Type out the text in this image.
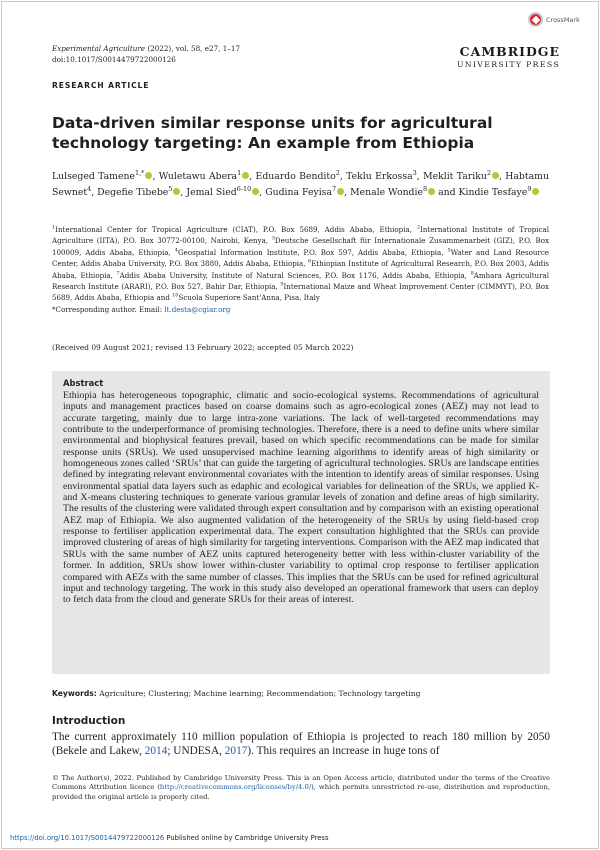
CrossMark
Experimental Agriculture (2022), vol. 58, e27, 1–17
doi:10.1017/S0014479722000126
CAMBRIDGE
UNIVERSITY PRESS
RESEARCH ARTICLE
Data-driven similar response units for agricultural technology targeting: An example from Ethiopia
Lulseged Tamene$^{1,*}$ , Wuletawu Abera$^1$ , Eduardo Bendito$^2$, Teklu Erkossa$^3$, Meklit Tariku$^2$ , Habtamu Sewnet$^4$, Degefie Tibebe$^5$ , Jemal Sied$^{6-10}$ , Gudina Feyisa$^7$ , Menale Wondie$^8$ and Kindie Tesfaye$^9$
$^1$International Center for Tropical Agriculture (CIAT), P.O. Box 5689, Addis Ababa, Ethiopia, $^2$International Institute of Tropical Agriculture (IITA), P.O. Box 30772-00100, Nairobi, Kenya, $^3$Deutsche Gesellschaft für Internationale Zusammenarbeit (GIZ), P.O. Box 100009, Addis Ababa, Ethiopia, $^4$Geospatial Information Institute, P.O. Box 597, Addis Ababa, Ethiopia, $^5$Water and Land Resource Center, Addis Ababa University, P.O. Box 3880, Addis Ababa, Ethiopia, $^6$Ethiopian Institute of Agricultural Research, P.O. Box 2003, Addis Ababa, Ethiopia, $^7$Addis Ababa University, Institute of Natural Sciences, P.O. Box 1176, Addis Ababa, Ethiopia, $^8$Amhara Agricultural Research Institute (ARARI), P.O. Box 527, Bahir Dar, Ethiopia, $^9$International Maize and Wheat Improvement Center (CIMMYT), P.O. Box 5689, Addis Ababa, Ethiopia and $^{10}$Scuola Superiore Sant'Anna, Pisa, Italy
*Corresponding author. Email: lt.desta@cgiar.org
(Received 09 August 2021; revised 13 February 2022; accepted 05 March 2022)
Abstract

Ethiopia has heterogeneous topographic, climatic and socio-ecological systems. Recommendations of agricultural inputs and management practices based on coarse domains such as agro-ecological zones (AEZ) may not lead to accurate targeting, mainly due to large intra-zone variations. The lack of well-targeted recommendations may contribute to the underperformance of promising technologies. Therefore, there is a need to define units where similar environmental and biophysical features prevail, based on which specific recommendations can be made for similar response units (SRUs). We used unsupervised machine learning algorithms to identify areas of high similarity or homogeneous zones called ‘SRUs’ that can guide the targeting of agricultural technologies. SRUs are landscape entities defined by integrating relevant environmental covariates with the intention to identify areas of similar responses. Using environmental spatial data layers such as edaphic and ecological variables for delineation of the SRUs, we applied K- and X-means clustering techniques to generate various granular levels of zonation and define areas of high similarity. The results of the clustering were validated through expert consultation and by comparison with an existing operational AEZ map of Ethiopia. We also augmented validation of the heterogeneity of the SRUs by using field-based crop response to fertiliser application experimental data. The expert consultation highlighted that the SRUs can provide improved clustering of areas of high similarity for targeting interventions. Comparison with the AEZ map indicated that SRUs with the same number of AEZ units captured heterogeneity better with less within-cluster variability of the former. In addition, SRUs show lower within-cluster variability to optimal crop response to fertiliser application compared with AEZs with the same number of classes. This implies that the SRUs can be used for refined agricultural input and technology targeting. The work in this study also developed an operational framework that users can deploy to fetch data from the cloud and generate SRUs for their areas of interest.

Keywords: Agriculture; Clustering; Machine learning; Recommendation; Technology targeting
Introduction

The current approximately 110 million population of Ethiopia is projected to reach 180 million by 2050 (Bekele and Lakew, 2014; UNDESA, 2017). This requires an increase in huge tons of

© The Author(s), 2022. Published by Cambridge University Press. This is an Open Access article, distributed under the terms of the Creative Commons Attribution licence (http://creativecommons.org/licenses/by/4.0/), which permits unrestricted re-use, distribution and reproduction, provided the original article is properly cited.

https://doi.org/10.1017/S0014479722000126 Published online by Cambridge University Press
